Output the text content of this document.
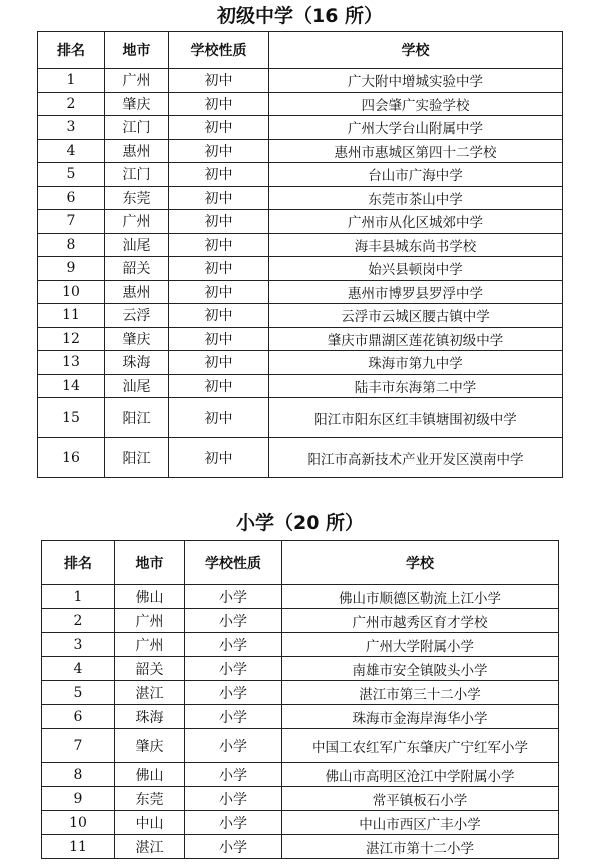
初级中学（16 所）
排名	地市	学校性质	学校
1	广州	初中	广大附中增城实验中学
2	肇庆	初中	四会肇广实验学校
3	江门	初中	广州大学台山附属中学
4	惠州	初中	惠州市惠城区第四十二学校
5	江门	初中	台山市广海中学
6	东莞	初中	东莞市茶山中学
7	广州	初中	广州市从化区城郊中学
8	汕尾	初中	海丰县城东尚书学校
9	韶关	初中	始兴县顿岗中学
10	惠州	初中	惠州市博罗县罗浮中学
11	云浮	初中	云浮市云城区腰古镇中学
12	肇庆	初中	肇庆市鼎湖区莲花镇初级中学
13	珠海	初中	珠海市第九中学
14	汕尾	初中	陆丰市东海第二中学
15	阳江	初中	阳江市阳东区红丰镇塘围初级中学
16	阳江	初中	阳江市高新技术产业开发区漠南中学
小学（20 所）
排名	地市	学校性质	学校
1	佛山	小学	佛山市顺德区勒流上江小学
2	广州	小学	广州市越秀区育才学校
3	广州	小学	广州大学附属小学
4	韶关	小学	南雄市安全镇陂头小学
5	湛江	小学	湛江市第三十二小学
6	珠海	小学	珠海市金海岸海华小学
7	肇庆	小学	中国工农红军广东肇庆广宁红军小学
8	佛山	小学	佛山市高明区沧江中学附属小学
9	东莞	小学	常平镇板石小学
10	中山	小学	中山市西区广丰小学
11	湛江	小学	湛江市第十二小学
